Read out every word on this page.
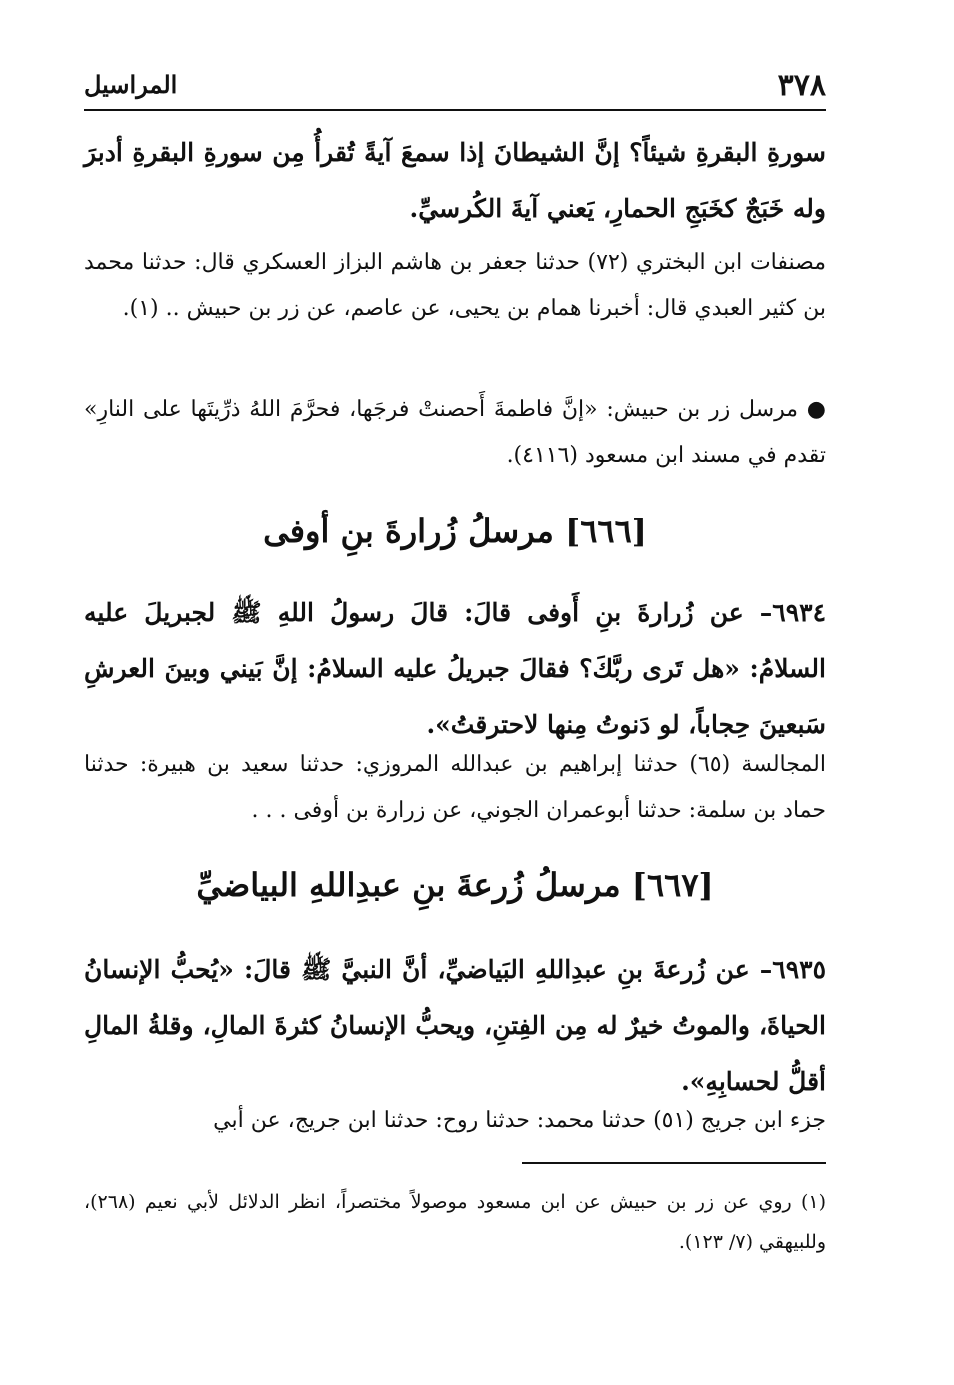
٣٧٨
المراسيل
سورةِ البقرةِ شيئاً؟ إنَّ الشيطانَ إذا سمعَ آيةً تُقرأُ مِن سورةِ البقرةِ أدبرَ وله خَبَجٌ كخَبَجِ الحمارِ، يَعني آيةَ الكُرسيِّ.
مصنفات ابن البختري (٧٢) حدثنا جعفر بن هاشم البزاز العسكري قال: حدثنا محمد بن كثير العبدي قال: أخبرنا همام بن يحيى، عن عاصم، عن زر بن حبيش .. (١).
● مرسل زر بن حبيش: «إنَّ فاطمةَ أَحصنتْ فرجَها، فحرَّمَ اللهُ ذرِّيتَها على النارِ» تقدم في مسند ابن مسعود (٤١١٦).
[٦٦٦] مرسلُ زُرارةَ بنِ أوفى
٦٩٣٤– عن زُرارةَ بنِ أَوفى قالَ: قالَ رسولُ اللهِ ﷺ لجبريلَ عليه السلامُ: «هل تَرى ربَّكَ؟ فقالَ جبريلُ عليه السلامُ: إنَّ بَيني وبينَ العرشِ سَبعينَ حِجاباً، لو دَنوتُ مِنها لاحترقتُ».
المجالسة (٦٥) حدثنا إبراهيم بن عبدالله المروزي: حدثنا سعيد بن هبيرة: حدثنا حماد بن سلمة: حدثنا أبوعمران الجوني، عن زرارة بن أوفى . . .
[٦٦٧] مرسلُ زُرعةَ بنِ عبدِاللهِ البياضيِّ
٦٩٣٥– عن زُرعةَ بنِ عبدِاللهِ البَياضيِّ، أنَّ النبيَّ ﷺ قالَ: «يُحبُّ الإنسانُ الحياةَ، والموتُ خيرٌ له مِن الفِتنِ، ويحبُّ الإنسانُ كثرةَ المالِ، وقلةُ المالِ أقلُّ لحسابِهِ».
جزء ابن جريج (٥١) حدثنا محمد: حدثنا روح: حدثنا ابن جريج، عن أبي
(١) روي عن زر بن حبيش عن ابن مسعود موصولاً مختصراً، انظر الدلائل لأبي نعيم (٢٦٨)، وللبيهقي (٧/ ١٢٣).
